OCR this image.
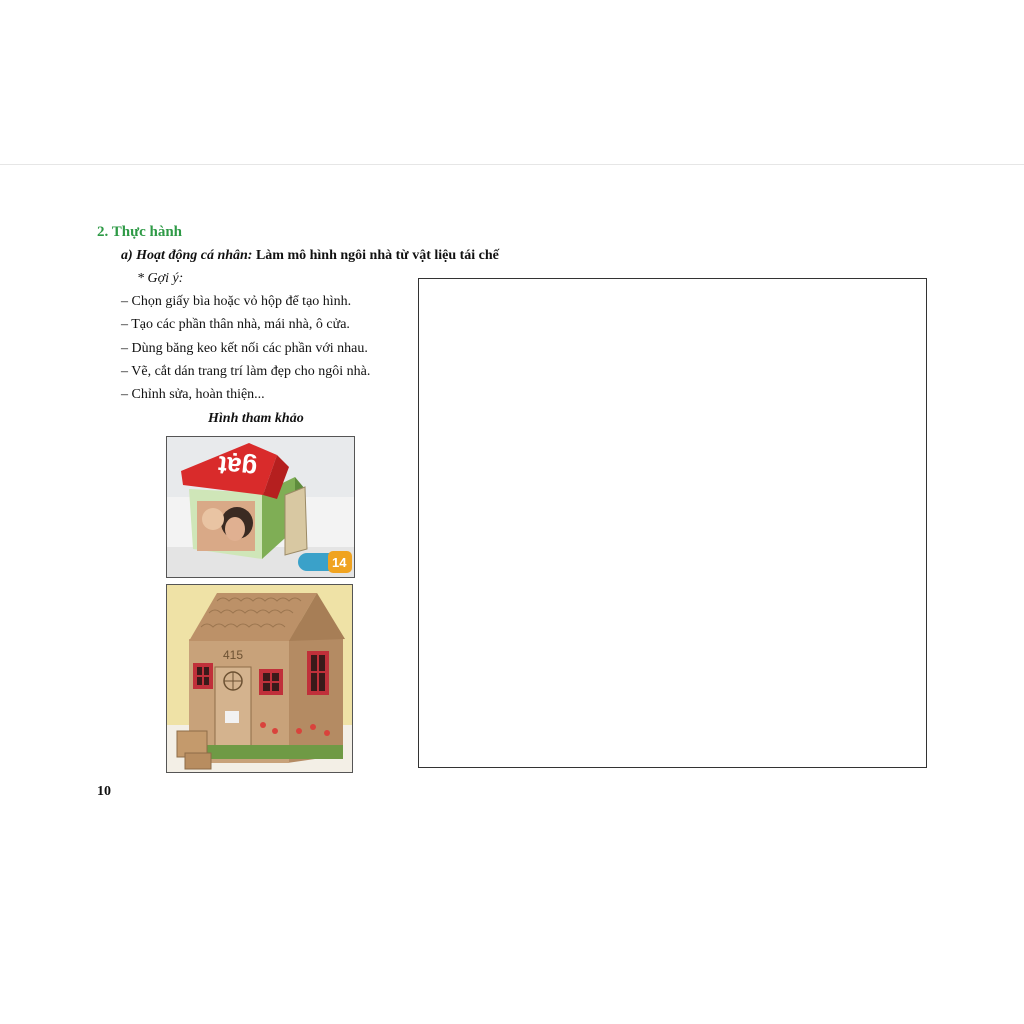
2. Thực hành
a) Hoạt động cá nhân: Làm mô hình ngôi nhà từ vật liệu tái chế
* Gợi ý:
– Chọn giấy bìa hoặc vỏ hộp để tạo hình.
– Tạo các phần thân nhà, mái nhà, ô cửa.
– Dùng băng keo kết nối các phần với nhau.
– Vẽ, cắt dán trang trí làm đẹp cho ngôi nhà.
– Chỉnh sửa, hoàn thiện...
Hình tham khảo
gạt
14
415
10
